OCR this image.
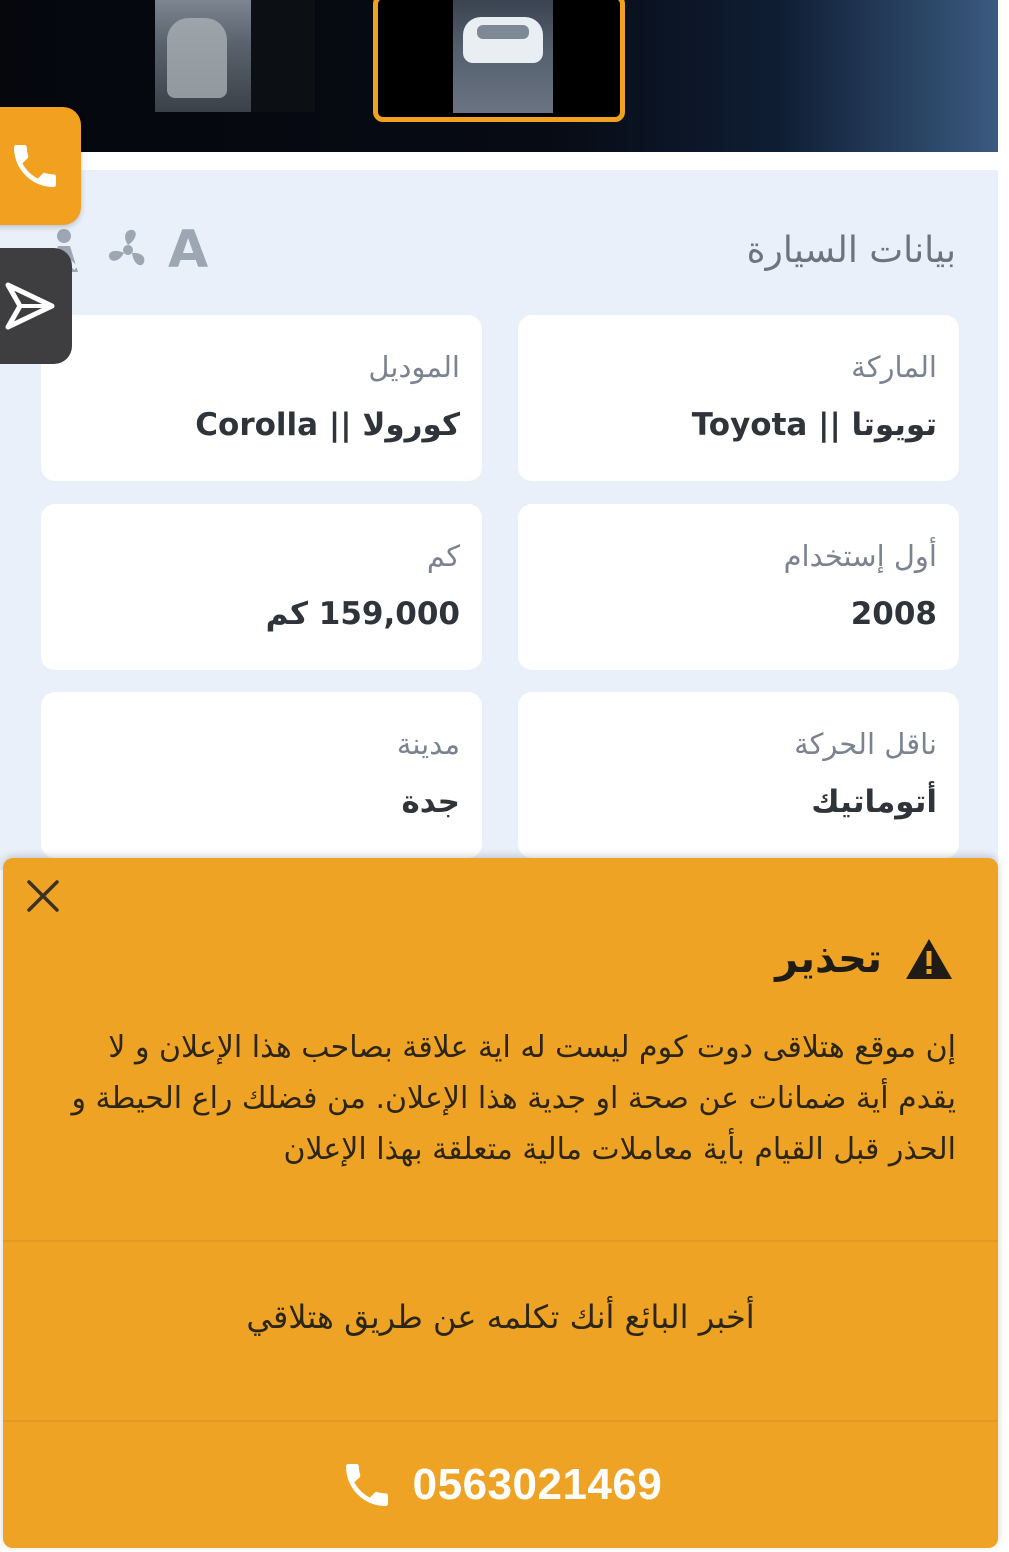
بيانات السيارة
A
الماركة
تويوتا || Toyota
الموديل
كورولا || Corolla
أول إستخدام
2008
كم
159,000 كم
ناقل الحركة
أتوماتيك
مدينة
جدة
تحذير
إن موقع هتلاقى دوت كوم ليست له اية علاقة بصاحب هذا الإعلان و لا يقدم أية ضمانات عن صحة او جدية هذا الإعلان. من فضلك راع الحيطة و الحذر قبل القيام بأية معاملات مالية متعلقة بهذا الإعلان
أخبر البائع أنك تكلمه عن طريق هتلاقي
0563021469
